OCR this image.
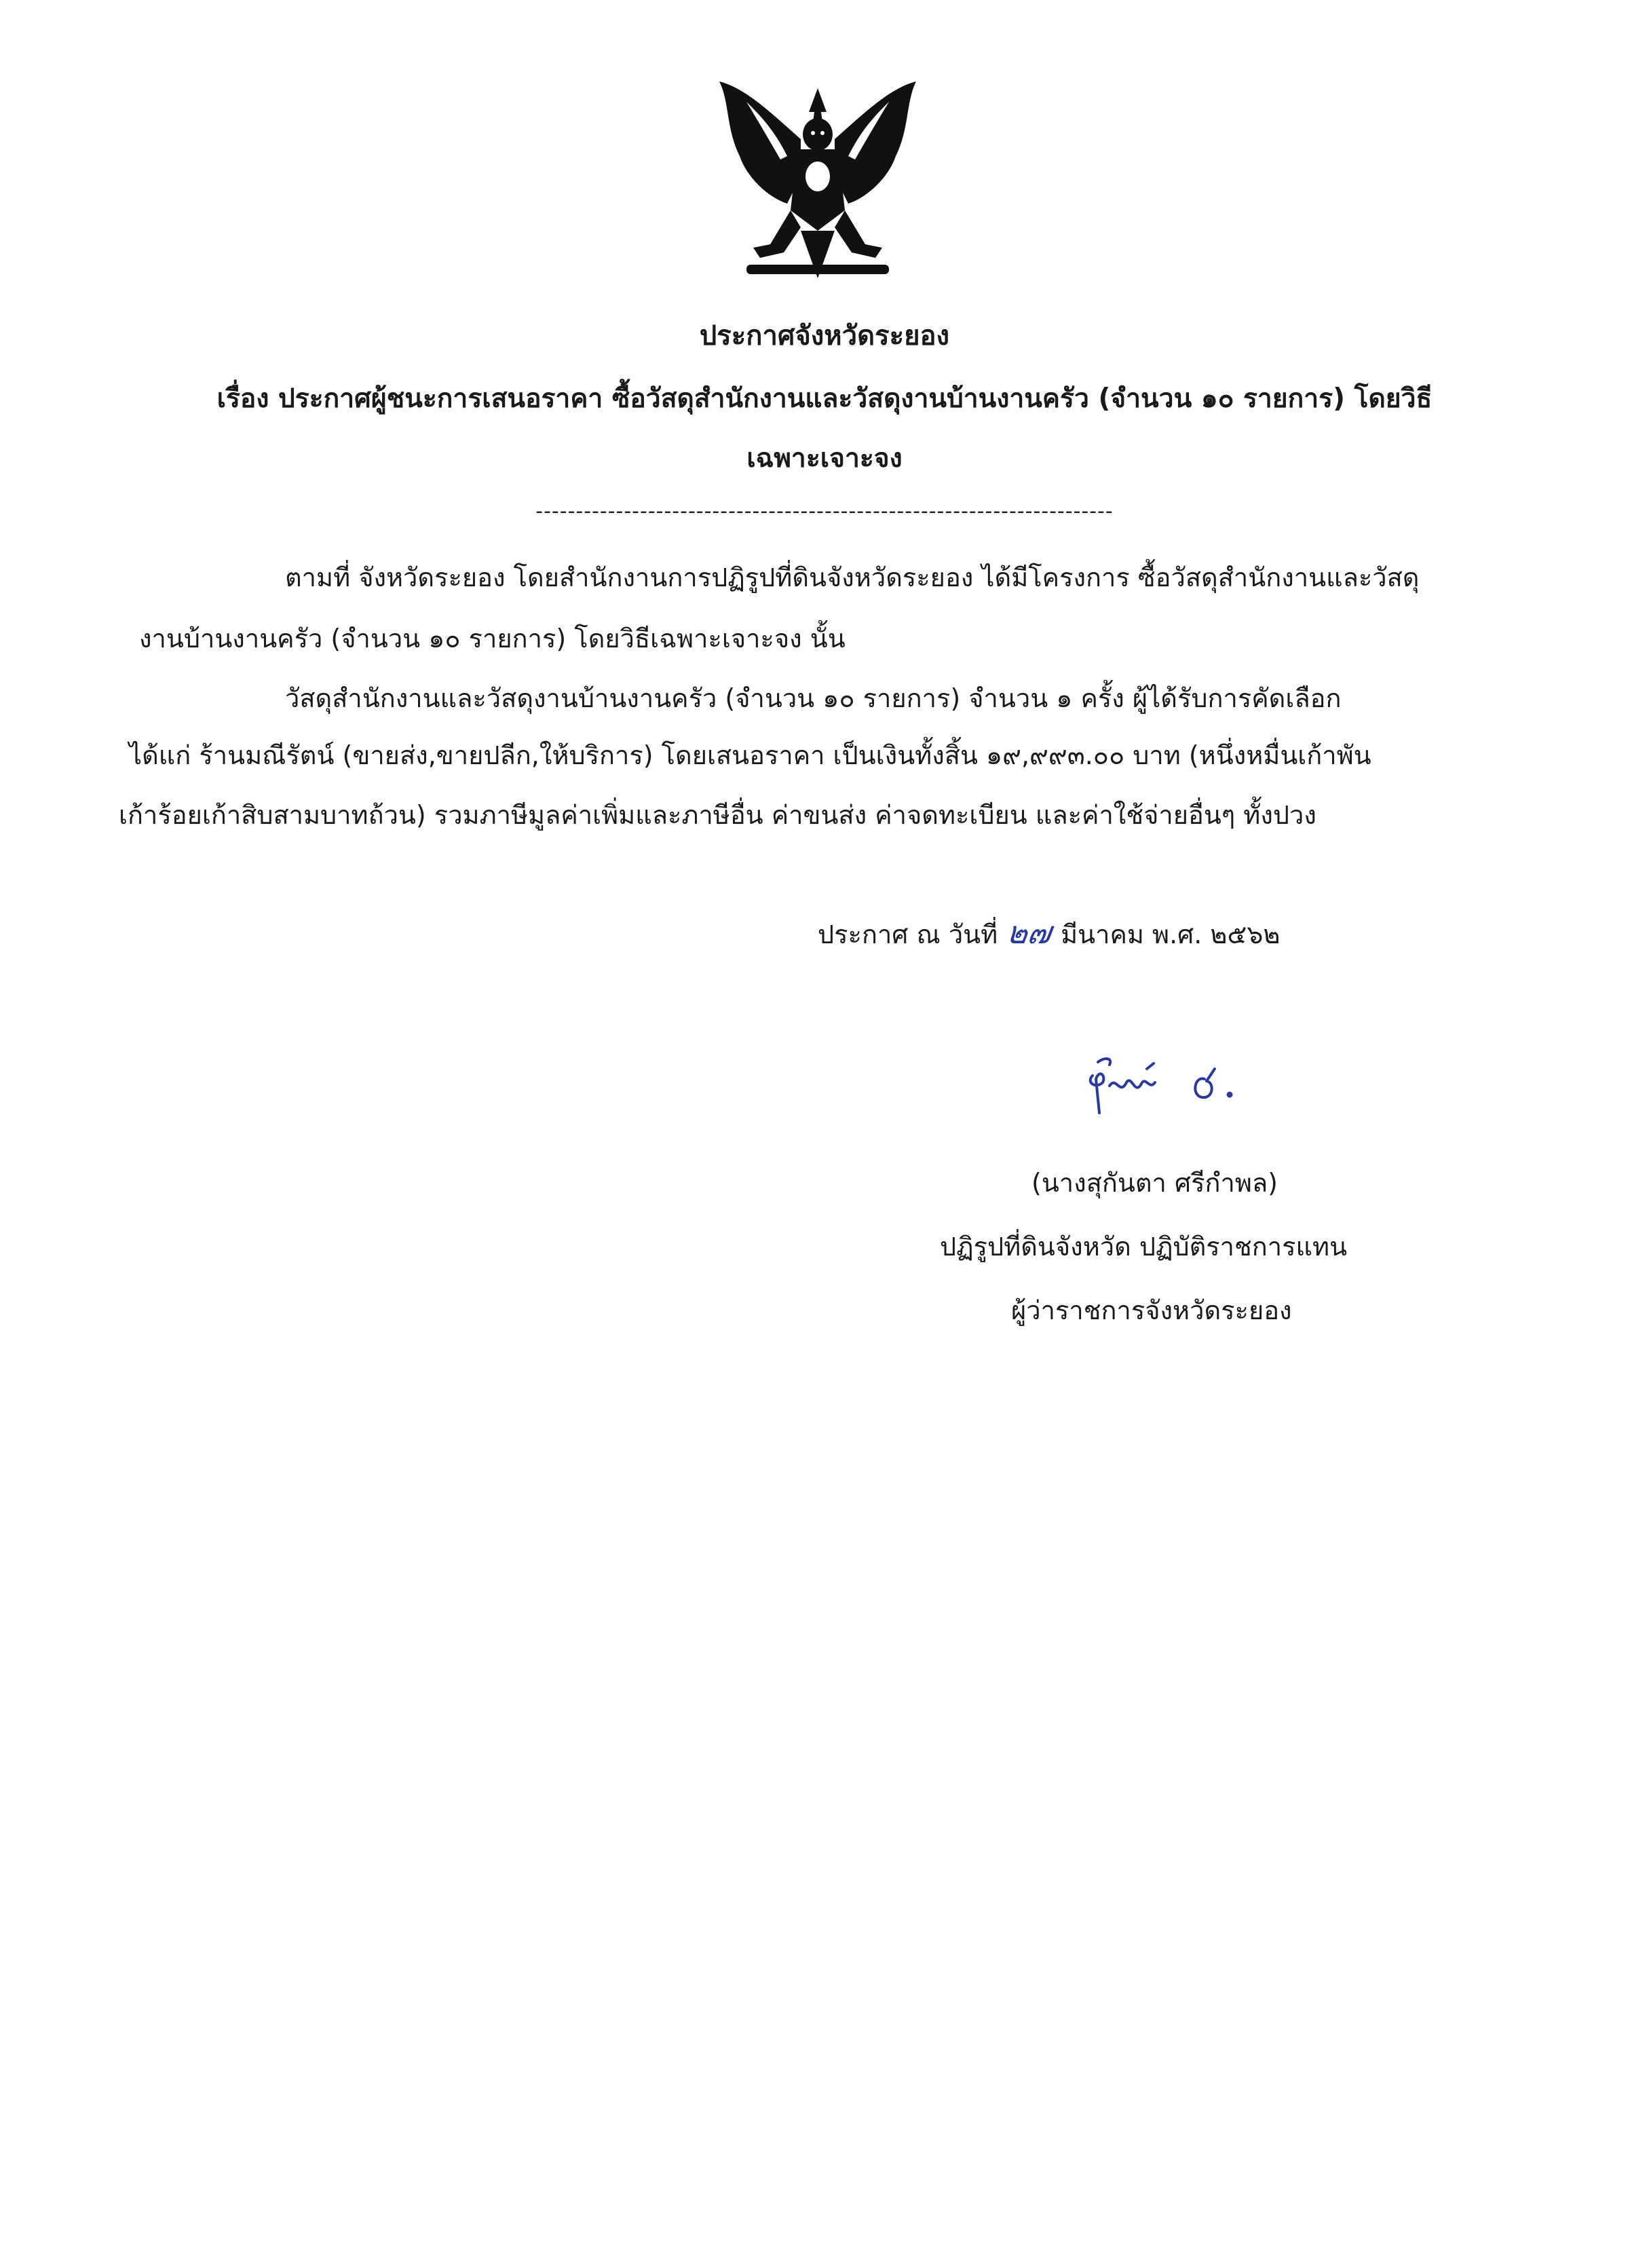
ประกาศจังหวัดระยอง
เรื่อง ประกาศผู้ชนะการเสนอราคา ซื้อวัสดุสำนักงานและวัสดุงานบ้านงานครัว (จำนวน ๑๐ รายการ) โดยวิธี
เฉพาะเจาะจง
------------------------------------------------------------------------
ตามที่ จังหวัดระยอง โดยสำนักงานการปฏิรูปที่ดินจังหวัดระยอง ได้มีโครงการ ซื้อวัสดุสำนักงานและวัสดุ
งานบ้านงานครัว (จำนวน ๑๐ รายการ) โดยวิธีเฉพาะเจาะจง นั้น
วัสดุสำนักงานและวัสดุงานบ้านงานครัว (จำนวน ๑๐ รายการ) จำนวน ๑ ครั้ง ผู้ได้รับการคัดเลือก
ได้แก่ ร้านมณีรัตน์ (ขายส่ง,ขายปลีก,ให้บริการ) โดยเสนอราคา เป็นเงินทั้งสิ้น ๑๙,๙๙๓.๐๐ บาท (หนึ่งหมื่นเก้าพัน
เก้าร้อยเก้าสิบสามบาทถ้วน) รวมภาษีมูลค่าเพิ่มและภาษีอื่น ค่าขนส่ง ค่าจดทะเบียน และค่าใช้จ่ายอื่นๆ ทั้งปวง
ประกาศ ณ วันที่ ๒๗ มีนาคม พ.ศ. ๒๕๖๒
(นางสุกันตา ศรีกำพล)
ปฏิรูปที่ดินจังหวัด ปฏิบัติราชการแทน
ผู้ว่าราชการจังหวัดระยอง
